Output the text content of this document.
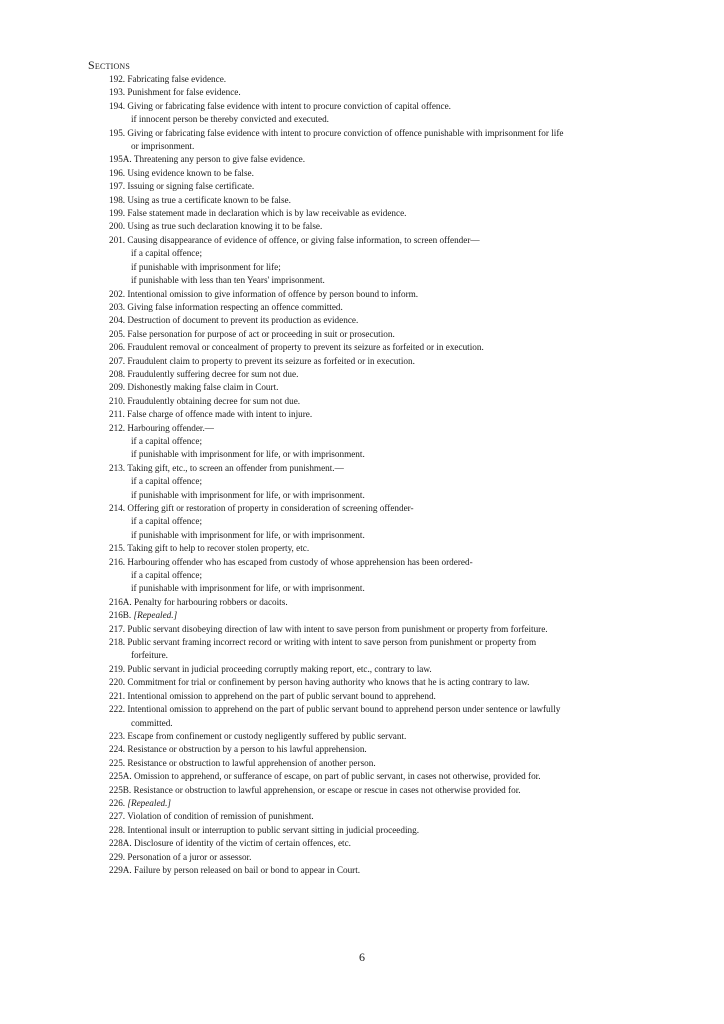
Sections
192. Fabricating false evidence.
193. Punishment for false evidence.
194. Giving or fabricating false evidence with intent to procure conviction of capital offence.
if innocent person be thereby convicted and executed.
195. Giving or fabricating false evidence with intent to procure conviction of offence punishable with imprisonment for life
or imprisonment.
195A. Threatening any person to give false evidence.
196. Using evidence known to be false.
197. Issuing or signing false certificate.
198. Using as true a certificate known to be false.
199. False statement made in declaration which is by law receivable as evidence.
200. Using as true such declaration knowing it to be false.
201. Causing disappearance of evidence of offence, or giving false information, to screen offender—
if a capital offence;
if punishable with imprisonment for life;
if punishable with less than ten Years' imprisonment.
202. Intentional omission to give information of offence by person bound to inform.
203. Giving false information respecting an offence committed.
204. Destruction of document to prevent its production as evidence.
205. False personation for purpose of act or proceeding in suit or prosecution.
206. Fraudulent removal or concealment of property to prevent its seizure as forfeited or in execution.
207. Fraudulent claim to property to prevent its seizure as forfeited or in execution.
208. Fraudulently suffering decree for sum not due.
209. Dishonestly making false claim in Court.
210. Fraudulently obtaining decree for sum not due.
211. False charge of offence made with intent to injure.
212. Harbouring offender.—
if a capital offence;
if punishable with imprisonment for life, or with imprisonment.
213. Taking gift, etc., to screen an offender from punishment.—
if a capital offence;
if punishable with imprisonment for life, or with imprisonment.
214. Offering gift or restoration of property in consideration of screening offender-
if a capital offence;
if punishable with imprisonment for life, or with imprisonment.
215. Taking gift to help to recover stolen property, etc.
216. Harbouring offender who has escaped from custody of whose apprehension has been ordered-
if a capital offence;
if punishable with imprisonment for life, or with imprisonment.
216A. Penalty for harbouring robbers or dacoits.
216B. [Repealed.]
217. Public servant disobeying direction of law with intent to save person from punishment or property from forfeiture.
218. Public servant framing incorrect record or writing with intent to save person from punishment or property from
forfeiture.
219. Public servant in judicial proceeding corruptly making report, etc., contrary to law.
220. Commitment for trial or confinement by person having authority who knows that he is acting contrary to law.
221. Intentional omission to apprehend on the part of public servant bound to apprehend.
222. Intentional omission to apprehend on the part of public servant bound to apprehend person under sentence or lawfully
committed.
223. Escape from confinement or custody negligently suffered by public servant.
224. Resistance or obstruction by a person to his lawful apprehension.
225. Resistance or obstruction to lawful apprehension of another person.
225A. Omission to apprehend, or sufferance of escape, on part of public servant, in cases not otherwise, provided for.
225B. Resistance or obstruction to lawful apprehension, or escape or rescue in cases not otherwise provided for.
226. [Repealed.]
227. Violation of condition of remission of punishment.
228. Intentional insult or interruption to public servant sitting in judicial proceeding.
228A. Disclosure of identity of the victim of certain offences, etc.
229. Personation of a juror or assessor.
229A. Failure by person released on bail or bond to appear in Court.
6
